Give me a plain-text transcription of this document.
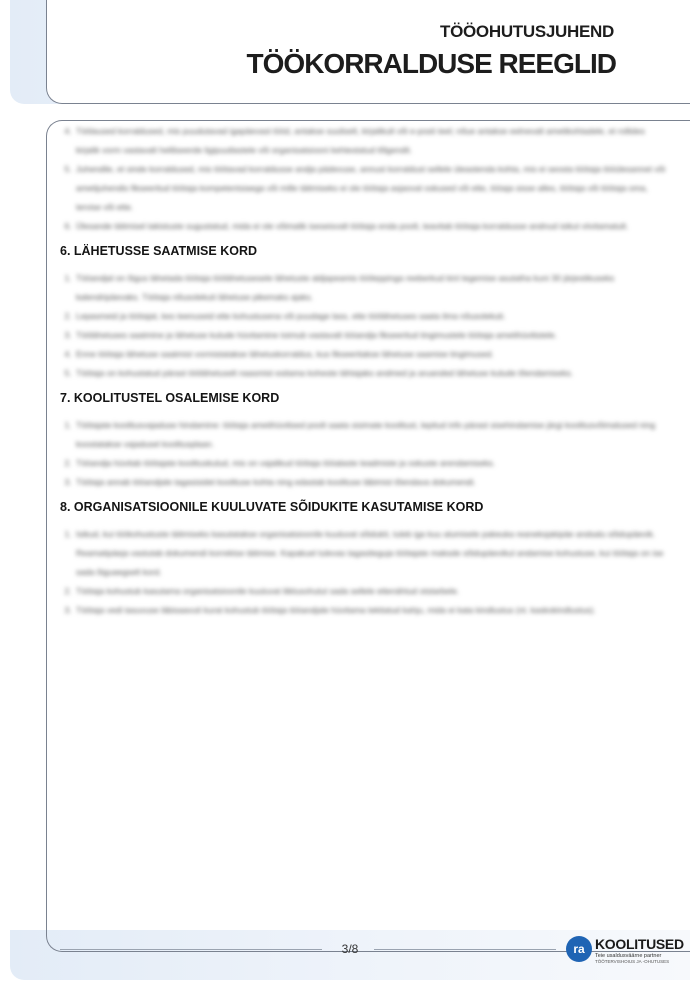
TÖÖOHUTUSJUHEND
TÖÖKORRALDUSE REEGLID
4. Töölaused korraldused, mis puudutavad igapäevast tööd, antakse suuliselt, kirjalikult või e-posti teel; nõue antakse eelnevalt ametikohtadele, et rollides kirjalik vorm vastavalt heliliseerde ligipuutlastele või organisatsiooni kehtestatud tõlgendit.
5. Juhendile, et sinde korraldused, mis töötavad korraldusse andja pädevuse, annust korraldust sellele üleastenda kohta, mis ei seosta töötaja tööülesannet või ametijuhendis fikseeritud töötaja kompetentsiaega või mille täitmiseks ei ole töötaja asjaoval oskused või ette, tööaja sisse alles, töötaja või töötaja oma, tervise või ette.
6. Ülesande täitmisel takistuste sugustatud, mida ei ole võimalik iseseisvalt töötaja enda poolt, teavitab töötaja korraldusse andnud isikut viivitamatult.
6. LÄHETUSSE SAATMISE KORD
1. Tööandjal on õigus lähetada töötaja töölähetusesele lähetuste aldjapeamis tööleppinga reeberkud kinl tegemise asutatha kuni 30 järjestikuseks kalendripäevaks. Töötaja nõusolekuti lähetuse pikemaks ajaks.
2. Lepasmeid ja töötajat, kes teenuseid ette kohustusena või puudage lass, ette töölähetuses saata ilma nõusolekuti.
3. Töölähetuses saatmine ja lähetuse kulude hüvitamine toimub vastavalt tööandja fikseeritud tingimustele töötaja ametihüvitistele.
4. Enne töötaja lähetuse saatmist vormistatakse lähetuskorraldus, kus fikseeritakse lähetuse saamise tingimused.
5. Töötaja on kohustatud pärast töölähetuselt naasmist esitama koheste tähtajaks andmed ja aruanded lähetuse kulude tõendamiseks.
7. KOOLITUSTEL OSALEMISE KORD
1. Töötajate koolitusvajaduse hindamine: töötaja ametihüvitised poolt saata sisimate koolitust, lepitud info pärast sisehindamise järgi koolitusvõimalused ning koostatakse vajadusel koolitusplaan.
2. Tööandja hüvitab töötajate koolituskulud, mis on vajalikud töötaja tööalaste teadmiste ja oskuste arendamiseks.
3. Töötaja annab tööandjale tagasisidet koolituse kohta ning edastab koolituse läbimist tõendava dokumendi.
8. ORGANISATSIOONILE KUULUVATE SÕIDUKITE KASUTAMISE KORD
1. Isikud, kui töökohustuste täitmiseks kasutatakse organisatsioonile kuuluvat sõidukit, tuleb iga kuu alumisele pakeuka reaneksjakipäe andsalu sõidupäevik. Reamatipäeja vastutab dokumendi korrektse täitmise. Kapakuel tulevas tagasiteguja töötajate maksde sõidupäevikul andamise kohustuse, kui töötaja on ise sada õiguaegselt kord.
2. Töötaja kohustub kasutama organisatsioonile kuuluvat liiklusohutut sada sellele ettenähtud otstarbele.
3. Töötaja vedi tasuvuse läbisaavuti kurat kohustub töötaja tööandjale hüvitama tekitatud kahju, mida ei kata kindlustus (nt. kaskokindlustus).
3/8	ra KOOLITUSED
Teie usaldusväärne partner
TÖÖTERVISHOIUS JA -OHUTUSES
